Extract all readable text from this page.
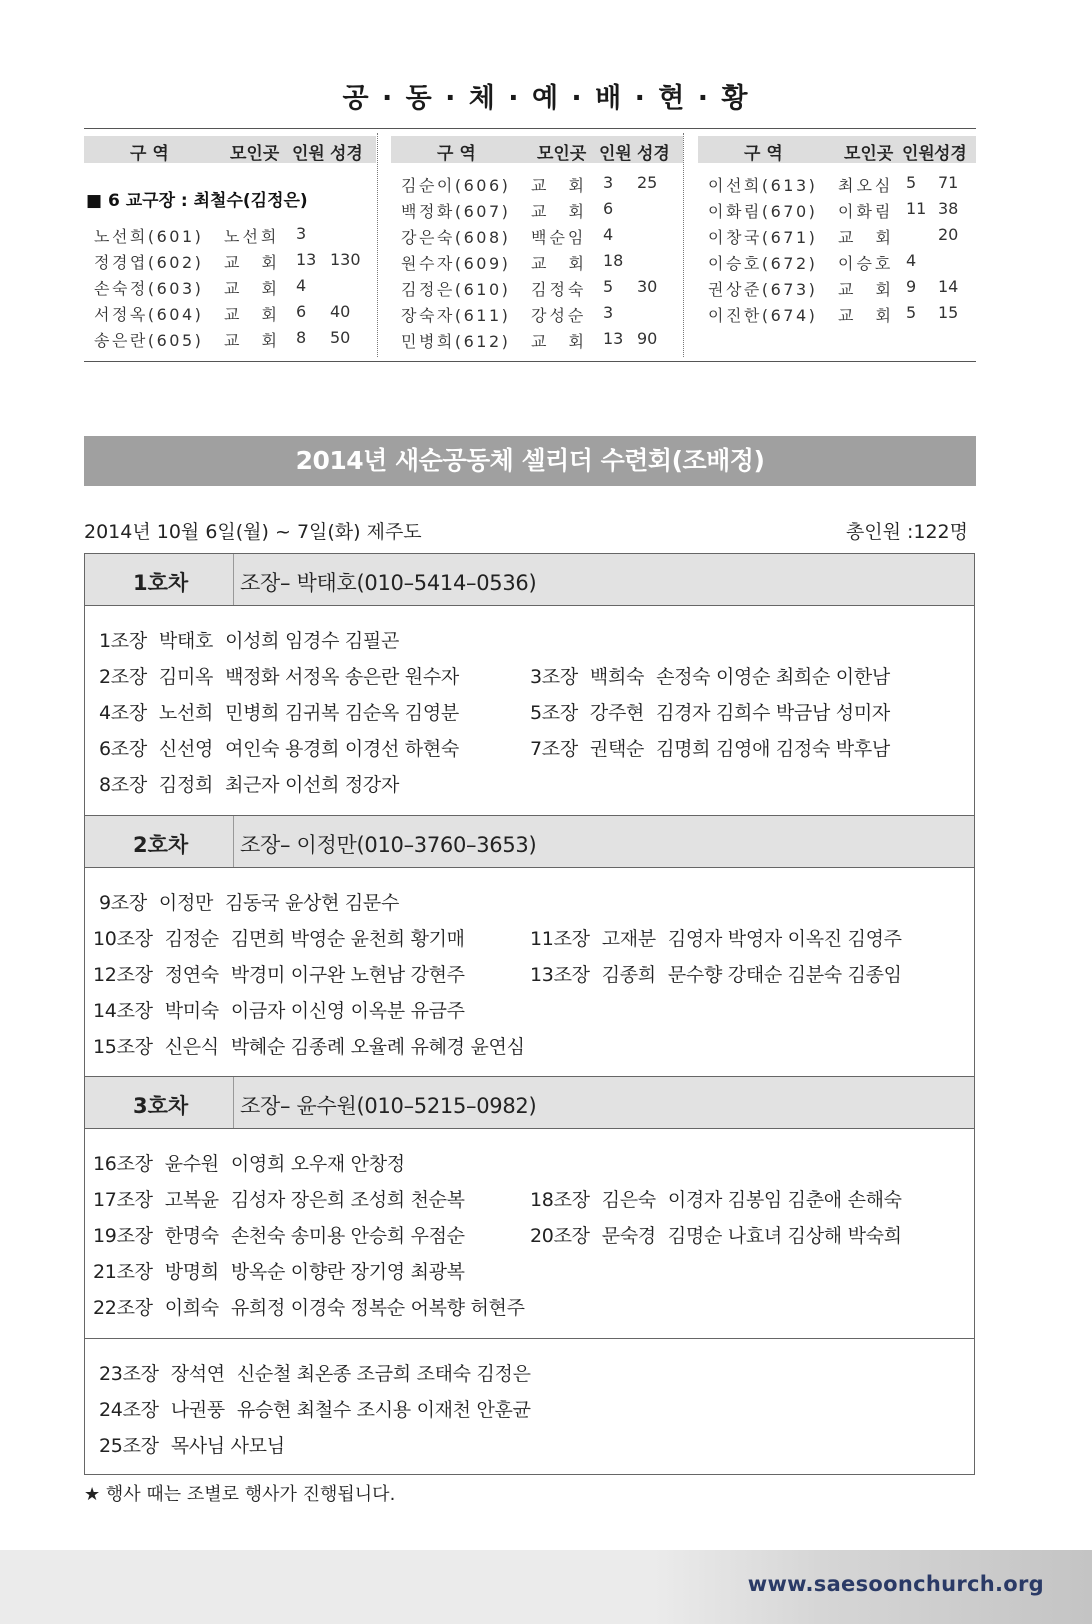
공 · 동 · 체 · 예 · 배 · 현 · 황
구 역	모인곳 인원 성경
■ 6 교구장 : 최철수(김정은)
노선희(601) 노선희 3
정경엽(602) 교　회 13 130
손숙정(603) 교　회 4
서정옥(604) 교　회 6 40
송은란(605) 교　회 8 50
구 역	모인곳 인원 성경
김순이(606) 교　회 3 25
백정화(607) 교　회 6
강은숙(608) 백순임 4
원수자(609) 교　회 18
김정은(610) 김정숙 5 30
장숙자(611) 강성순 3
민병희(612) 교　회 13 90
구 역	모인곳 인원 성경
이선희(613) 최오심 5 71
이화림(670) 이화림 11 38
이창국(671) 교　회	20
이승호(672) 이승호 4
권상준(673) 교　회 9 14
이진한(674) 교　회 5 15
2014년 새순공동체 셀리더 수련회(조배정)
2014년 10월 6일(월) ~ 7일(화) 제주도	총인원 :122명
1호차 조장– 박태호(010–5414–0536)
1조장 박태호 이성희 임경수 김필곤
2조장 김미옥 백정화 서정옥 송은란 원수자	3조장 백희숙 손정숙 이영순 최희순 이한남
4조장 노선희 민병희 김귀복 김순옥 김영분	5조장 강주현 김경자 김희수 박금남 성미자
6조장 신선영 여인숙 용경희 이경선 하현숙	7조장 권택순 김명희 김영애 김정숙 박후남
8조장 김정희 최근자 이선희 정강자
2호차 조장– 이정만(010–3760–3653)
9조장 이정만 김동국 윤상현 김문수
10조장 김정순 김면희 박영순 윤천희 황기매	11조장 고재분 김영자 박영자 이옥진 김영주
12조장 정연숙 박경미 이구완 노현남 강현주	13조장 김종희 문수향 강태순 김분숙 김종임
14조장 박미숙 이금자 이신영 이옥분 유금주
15조장 신은식 박혜순 김종례 오율례 유혜경 윤연심
3호차 조장– 윤수원(010–5215–0982)
16조장 윤수원 이영희 오우재 안창정
17조장 고복윤 김성자 장은희 조성희 천순복	18조장 김은숙 이경자 김봉임 김춘애 손해숙
19조장 한명숙 손천숙 송미용 안승희 우점순	20조장 문숙경 김명순 나효녀 김상해 박숙희
21조장 방명희 방옥순 이향란 장기영 최광복
22조장 이희숙 유희정 이경숙 정복순 어복향 허현주
23조장 장석연 신순철 최온종 조금희 조태숙 김정은
24조장 나권풍 유승현 최철수 조시용 이재천 안훈균
25조장 목사님 사모님
★ 행사 때는 조별로 행사가 진행됩니다.
www.saesoonchurch.org
